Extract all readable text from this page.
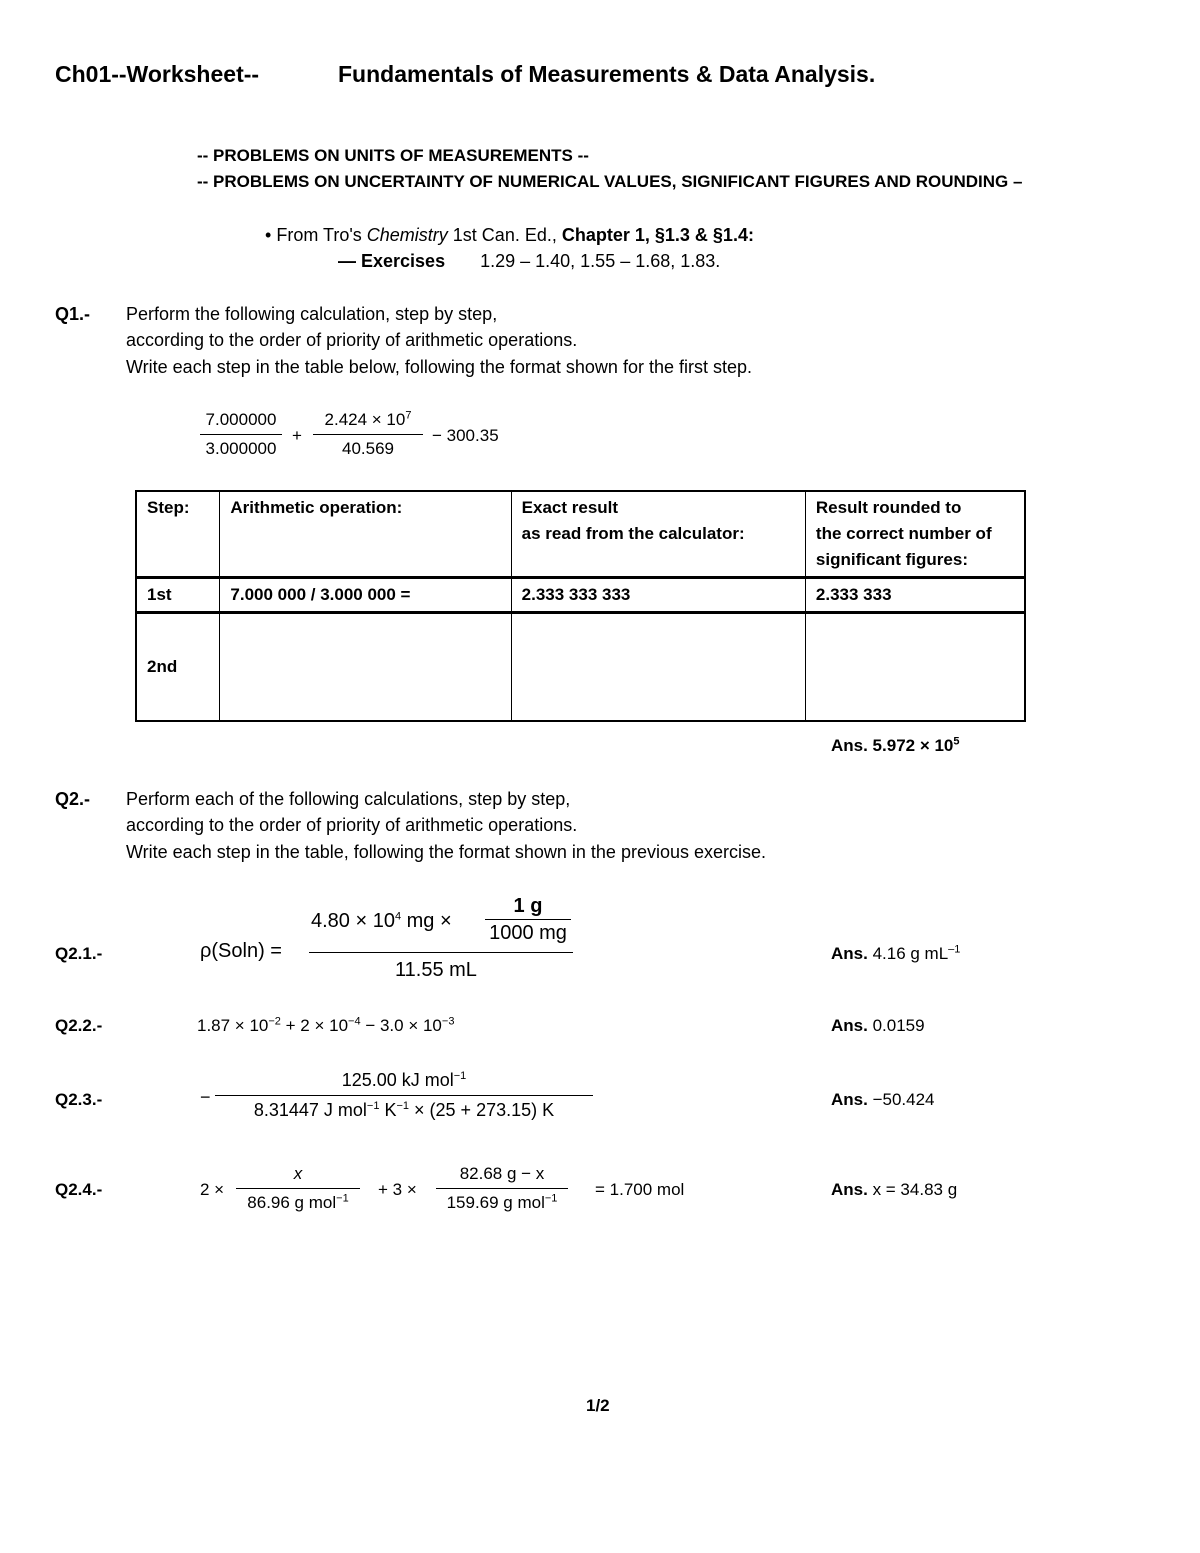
Ch01--Worksheet--	Fundamentals of Measurements & Data Analysis.
-- PROBLEMS ON UNITS OF MEASUREMENTS --
-- PROBLEMS ON UNCERTAINTY OF NUMERICAL VALUES, SIGNIFICANT FIGURES AND ROUNDING –
• From Tro's Chemistry 1st Can. Ed., Chapter 1, §1.3 & §1.4:
— Exercises 1.29 – 1.40, 1.55 – 1.68, 1.83.
Q1.- Perform the following calculation, step by step,
according to the order of priority of arithmetic operations.
Write each step in the table below, following the format shown for the first step.
7.000000
3.000000
+
$2.424 \times 10^7$
40.569
− 300.35
Step:	Arithmetic operation:	Exact result
as read from the calculator:	Result rounded to
the correct number of
significant figures:
1st	7.000 000 / 3.000 000 =	2.333 333 333	2.333 333
2nd			
Ans. $5.972 \times 10^5$
Q2.- Perform each of the following calculations, step by step,
according to the order of priority of arithmetic operations.
Write each step in the table, following the format shown in the previous exercise.
Q2.1.-	ρ(Soln) =
$4.80 \times 10^4$ mg ×
1 g
1000 mg
11.55 mL
Ans. 4.16 g $mL^{-1}$
Q2.2.-	$1.87 \times 10^{-2} + 2 \times 10^{-4} - 3.0 \times 10^{-3}$	Ans. 0.0159
Q2.3.-	−
125.00 kJ mol$^{-1}$
8.31447 J mol$^{-1}$ $K^{-1} \times (25 + 273.15)$ K
Ans. −50.424
Q2.4.-	2 ×
x
86.96 g mol$^{-1}$ + 3 ×
82.68 g − x
159.69 g mol$^{-1}$ = 1.700 mol	Ans. x = 34.83 g
1/2
